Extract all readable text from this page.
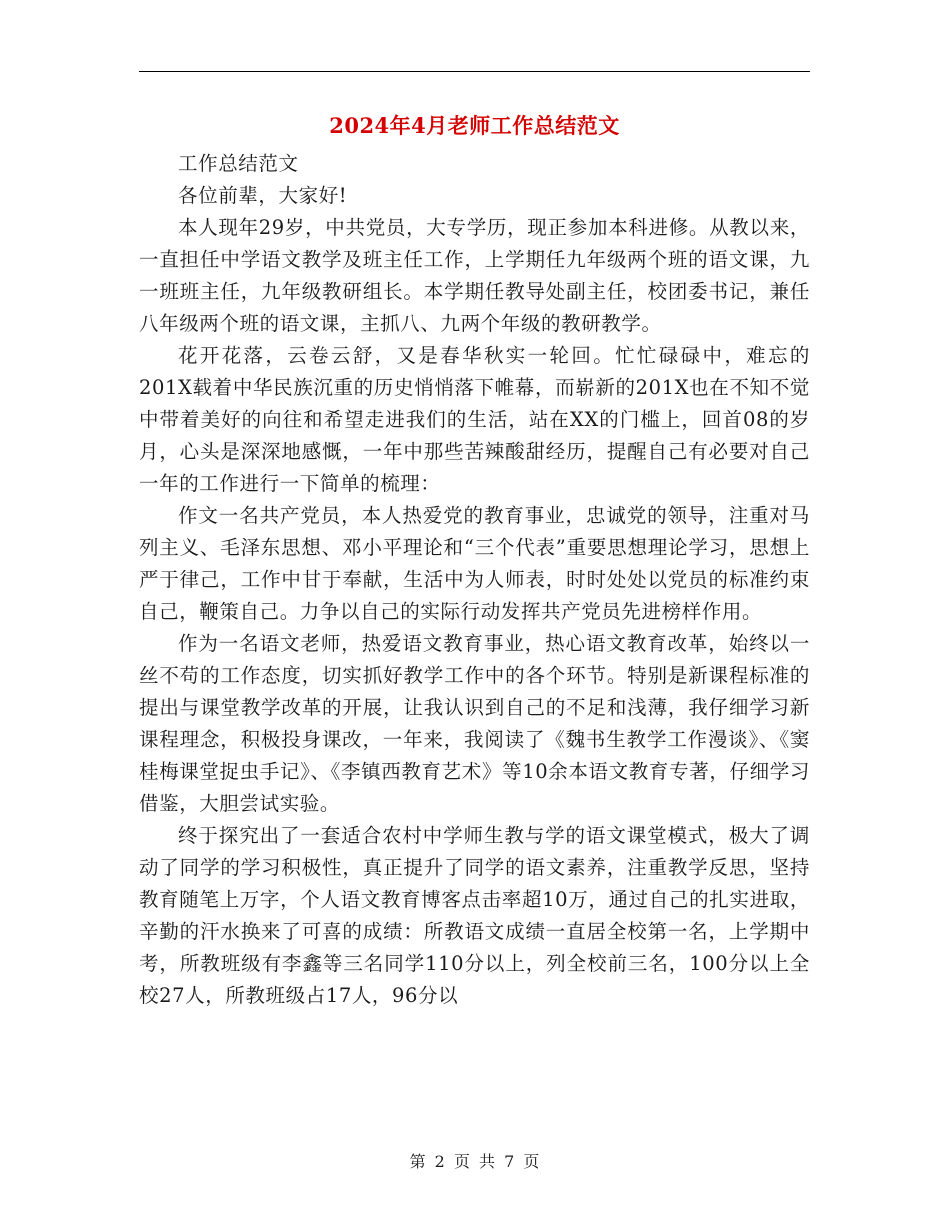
2024年4月老师工作总结范文

工作总结范文

各位前辈，大家好!

本人现年29岁，中共党员，大专学历，现正参加本科进修。从教以来，一直担任中学语文教学及班主任工作，上学期任九年级两个班的语文课，九一班班主任，九年级教研组长。本学期任教导处副主任，校团委书记，兼任八年级两个班的语文课，主抓八、九两个年级的教研教学。

花开花落，云卷云舒，又是春华秋实一轮回。忙忙碌碌中，难忘的201X载着中华民族沉重的历史悄悄落下帷幕，而崭新的201X也在不知不觉中带着美好的向往和希望走进我们的生活，站在XX的门槛上，回首08的岁月，心头是深深地感慨，一年中那些苦辣酸甜经历，提醒自己有必要对自己一年的工作进行一下简单的梳理：

作文一名共产党员，本人热爱党的教育事业，忠诚党的领导，注重对马列主义、毛泽东思想、邓小平理论和“三个代表”重要思想理论学习，思想上严于律己，工作中甘于奉献，生活中为人师表，时时处处以党员的标准约束自己，鞭策自己。力争以自己的实际行动发挥共产党员先进榜样作用。

作为一名语文老师，热爱语文教育事业，热心语文教育改革，始终以一丝不苟的工作态度，切实抓好教学工作中的各个环节。特别是新课程标准的提出与课堂教学改革的开展，让我认识到自己的不足和浅薄，我仔细学习新课程理念，积极投身课改，一年来，我阅读了《魏书生教学工作漫谈》、《窦桂梅课堂捉虫手记》、《李镇西教育艺术》等10余本语文教育专著，仔细学习借鉴，大胆尝试实验。

终于探究出了一套适合农村中学师生教与学的语文课堂模式，极大了调动了同学的学习积极性，真正提升了同学的语文素养，注重教学反思，坚持教育随笔上万字，个人语文教育博客点击率超10万，通过自己的扎实进取，辛勤的汗水换来了可喜的成绩：所教语文成绩一直居全校第一名，上学期中考，所教班级有李鑫等三名同学110分以上，列全校前三名，100分以上全校27人，所教班级占17人，96分以

第 2 页 共 7 页
